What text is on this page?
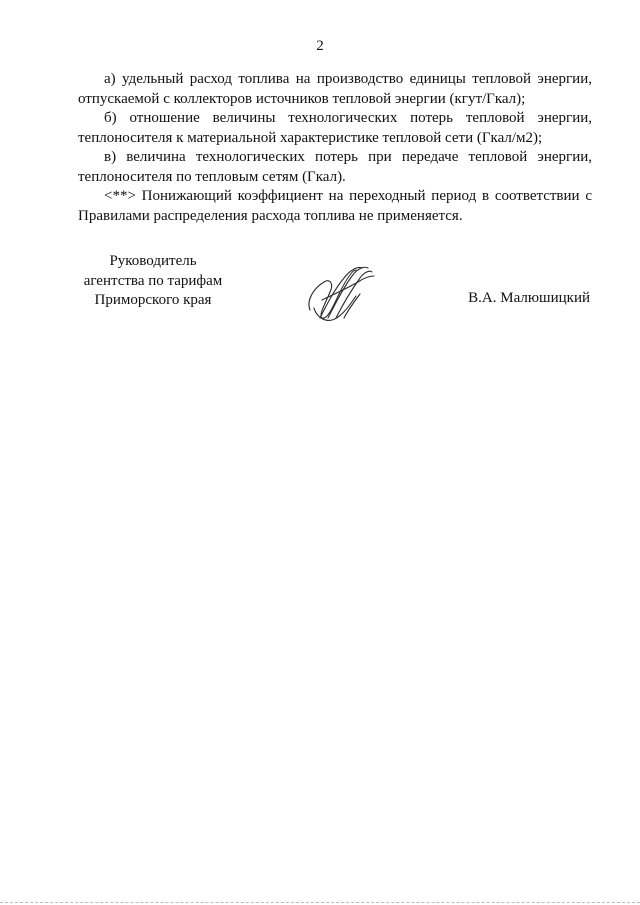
2

а) удельный расход топлива на производство единицы тепловой энергии, отпускаемой с коллекторов источников тепловой энергии (кгут/Гкал);

б) отношение величины технологических потерь тепловой энергии, теплоносителя к материальной характеристике тепловой сети (Гкал/м2);

в) величина технологических потерь при передаче тепловой энергии, теплоносителя по тепловым сетям (Гкал).

<**> Понижающий коэффициент на переходный период в соответствии с Правилами распределения расхода топлива не применяется.

Руководитель
агентства по тарифам
Приморского края	В.А. Малюшицкий
